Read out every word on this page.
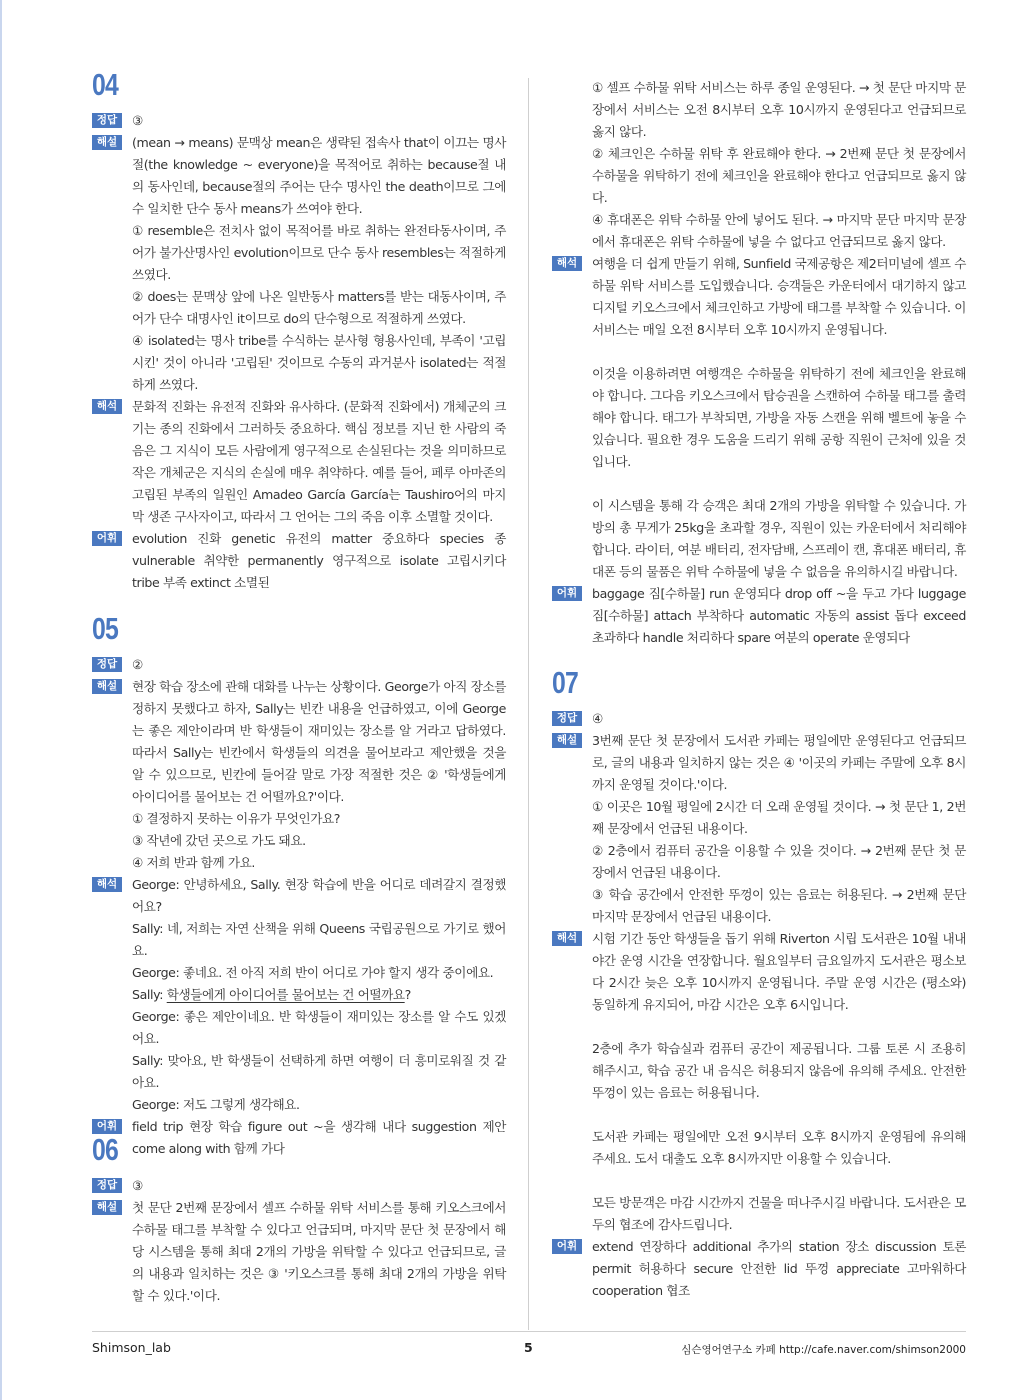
04
정답	③

해설	(mean → means) 문맥상 mean은 생략된 접속사 that이 이끄는 명사절(the knowledge ~ everyone)을 목적어로 취하는 because절 내의 동사인데, because절의 주어는 단수 명사인 the death이므로 그에 수 일치한 단수 동사 means가 쓰여야 한다.

① resemble은 전치사 없이 목적어를 바로 취하는 완전타동사이며, 주어가 불가산명사인 evolution이므로 단수 동사 resembles는 적절하게 쓰였다.

② does는 문맥상 앞에 나온 일반동사 matters를 받는 대동사이며, 주어가 단수 대명사인 it이므로 do의 단수형으로 적절하게 쓰였다.

④ isolated는 명사 tribe를 수식하는 분사형 형용사인데, 부족이 '고립시킨' 것이 아니라 '고립된' 것이므로 수동의 과거분사 isolated는 적절하게 쓰였다.

해석	문화적 진화는 유전적 진화와 유사하다. (문화적 진화에서) 개체군의 크기는 종의 진화에서 그러하듯 중요하다. 핵심 정보를 지닌 한 사람의 죽음은 그 지식이 모든 사람에게 영구적으로 손실된다는 것을 의미하므로 작은 개체군은 지식의 손실에 매우 취약하다. 예를 들어, 페루 아마존의 고립된 부족의 일원인 Amadeo García García는 Taushiro어의 마지막 생존 구사자이고, 따라서 그 언어는 그의 죽음 이후 소멸할 것이다.

어휘	evolution 진화 genetic 유전의 matter 중요하다 species 종 vulnerable 취약한 permanently 영구적으로 isolate 고립시키다 tribe 부족 extinct 소멸된

05
정답	②

해설	현장 학습 장소에 관해 대화를 나누는 상황이다. George가 아직 장소를 정하지 못했다고 하자, Sally는 빈칸 내용을 언급하였고, 이에 George는 좋은 제안이라며 반 학생들이 재미있는 장소를 알 거라고 답하였다. 따라서 Sally는 빈칸에서 학생들의 의견을 물어보라고 제안했을 것을 알 수 있으므로, 빈칸에 들어갈 말로 가장 적절한 것은 ② '학생들에게 아이디어를 물어보는 건 어떨까요?'이다.

① 결정하지 못하는 이유가 무엇인가요?

③ 작년에 갔던 곳으로 가도 돼요.

④ 저희 반과 함께 가요.

해석	George: 안녕하세요, Sally. 현장 학습에 반을 어디로 데려갈지 결정했어요?

Sally: 네, 저희는 자연 산책을 위해 Queens 국립공원으로 가기로 했어요.

George: 좋네요. 전 아직 저희 반이 어디로 가야 할지 생각 중이에요.

Sally: 학생들에게 아이디어를 물어보는 건 어떨까요?

George: 좋은 제안이네요. 반 학생들이 재미있는 장소를 알 수도 있겠어요.

Sally: 맞아요, 반 학생들이 선택하게 하면 여행이 더 흥미로워질 것 같아요.

George: 저도 그렇게 생각해요.

어휘	field trip 현장 학습 figure out ~을 생각해 내다 suggestion 제안 come along with 함께 가다

06
정답	③

해설	첫 문단 2번째 문장에서 셀프 수하물 위탁 서비스를 통해 키오스크에서 수하물 태그를 부착할 수 있다고 언급되며, 마지막 문단 첫 문장에서 해당 시스템을 통해 최대 2개의 가방을 위탁할 수 있다고 언급되므로, 글의 내용과 일치하는 것은 ③ '키오스크를 통해 최대 2개의 가방을 위탁할 수 있다.'이다.

① 셀프 수하물 위탁 서비스는 하루 종일 운영된다. → 첫 문단 마지막 문장에서 서비스는 오전 8시부터 오후 10시까지 운영된다고 언급되므로 옳지 않다.

② 체크인은 수하물 위탁 후 완료해야 한다. → 2번째 문단 첫 문장에서 수하물을 위탁하기 전에 체크인을 완료해야 한다고 언급되므로 옳지 않다.

④ 휴대폰은 위탁 수하물 안에 넣어도 된다. → 마지막 문단 마지막 문장에서 휴대폰은 위탁 수하물에 넣을 수 없다고 언급되므로 옳지 않다.

해석	여행을 더 쉽게 만들기 위해, Sunfield 국제공항은 제2터미널에 셀프 수하물 위탁 서비스를 도입했습니다. 승객들은 카운터에서 대기하지 않고 디지털 키오스크에서 체크인하고 가방에 태그를 부착할 수 있습니다. 이 서비스는 매일 오전 8시부터 오후 10시까지 운영됩니다.

이것을 이용하려면 여행객은 수하물을 위탁하기 전에 체크인을 완료해야 합니다. 그다음 키오스크에서 탑승권을 스캔하여 수하물 태그를 출력해야 합니다. 태그가 부착되면, 가방을 자동 스캔을 위해 벨트에 놓을 수 있습니다. 필요한 경우 도움을 드리기 위해 공항 직원이 근처에 있을 것입니다.

이 시스템을 통해 각 승객은 최대 2개의 가방을 위탁할 수 있습니다. 가방의 총 무게가 25kg을 초과할 경우, 직원이 있는 카운터에서 처리해야 합니다. 라이터, 여분 배터리, 전자담배, 스프레이 캔, 휴대폰 배터리, 휴대폰 등의 물품은 위탁 수하물에 넣을 수 없음을 유의하시길 바랍니다.

어휘	baggage 짐[수하물] run 운영되다 drop off ~을 두고 가다 luggage 짐[수하물] attach 부착하다 automatic 자동의 assist 돕다 exceed 초과하다 handle 처리하다 spare 여분의 operate 운영되다

07
정답	④

해설	3번째 문단 첫 문장에서 도서관 카페는 평일에만 운영된다고 언급되므로, 글의 내용과 일치하지 않는 것은 ④ '이곳의 카페는 주말에 오후 8시까지 운영될 것이다.'이다.

① 이곳은 10월 평일에 2시간 더 오래 운영될 것이다. → 첫 문단 1, 2번째 문장에서 언급된 내용이다.

② 2층에서 컴퓨터 공간을 이용할 수 있을 것이다. → 2번째 문단 첫 문장에서 언급된 내용이다.

③ 학습 공간에서 안전한 뚜껑이 있는 음료는 허용된다. → 2번째 문단 마지막 문장에서 언급된 내용이다.

해석	시험 기간 동안 학생들을 돕기 위해 Riverton 시립 도서관은 10월 내내 야간 운영 시간을 연장합니다. 월요일부터 금요일까지 도서관은 평소보다 2시간 늦은 오후 10시까지 운영됩니다. 주말 운영 시간은 (평소와) 동일하게 유지되어, 마감 시간은 오후 6시입니다.

2층에 추가 학습실과 컴퓨터 공간이 제공됩니다. 그룹 토론 시 조용히 해주시고, 학습 공간 내 음식은 허용되지 않음에 유의해 주세요. 안전한 뚜껑이 있는 음료는 허용됩니다.

도서관 카페는 평일에만 오전 9시부터 오후 8시까지 운영됨에 유의해 주세요. 도서 대출도 오후 8시까지만 이용할 수 있습니다.

모든 방문객은 마감 시간까지 건물을 떠나주시길 바랍니다. 도서관은 모두의 협조에 감사드립니다.

어휘	extend 연장하다 additional 추가의 station 장소 discussion 토론 permit 허용하다 secure 안전한 lid 뚜껑 appreciate 고마워하다 cooperation 협조

Shimson_lab	5	심슨영어연구소 카페 http://cafe.naver.com/shimson2000
